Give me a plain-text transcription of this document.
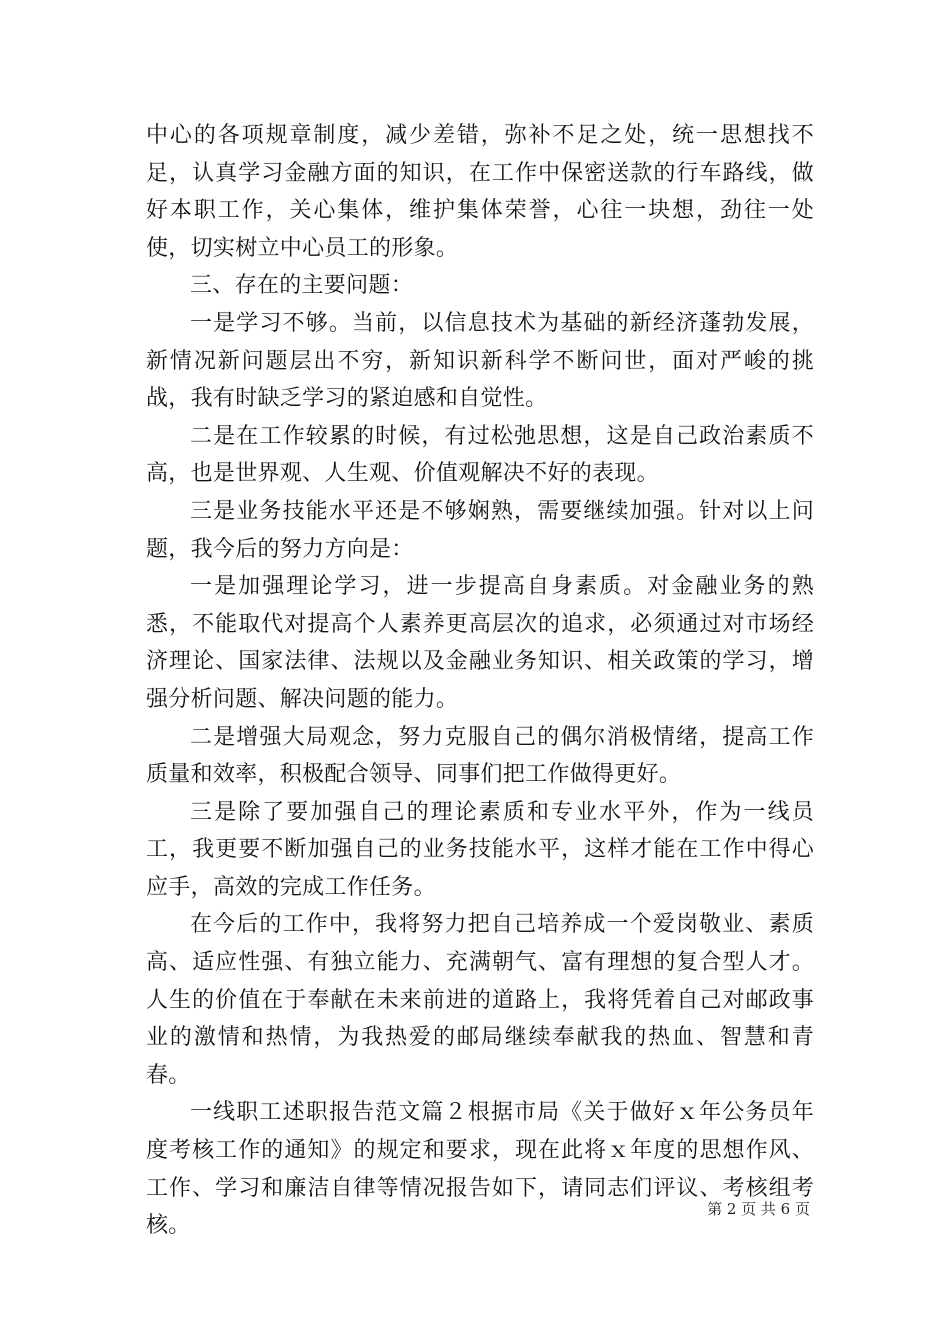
中心的各项规章制度，减少差错，弥补不足之处，统一思想找不足，认真学习金融方面的知识，在工作中保密送款的行车路线，做好本职工作，关心集体，维护集体荣誉，心往一块想，劲往一处使，切实树立中心员工的形象。

三、存在的主要问题：

一是学习不够。当前，以信息技术为基础的新经济蓬勃发展，新情况新问题层出不穷，新知识新科学不断问世，面对严峻的挑战，我有时缺乏学习的紧迫感和自觉性。

二是在工作较累的时候，有过松弛思想，这是自己政治素质不高，也是世界观、人生观、价值观解决不好的表现。

三是业务技能水平还是不够娴熟，需要继续加强。针对以上问题，我今后的努力方向是：

一是加强理论学习，进一步提高自身素质。对金融业务的熟悉，不能取代对提高个人素养更高层次的追求，必须通过对市场经济理论、国家法律、法规以及金融业务知识、相关政策的学习，增强分析问题、解决问题的能力。

二是增强大局观念，努力克服自己的偶尔消极情绪，提高工作质量和效率，积极配合领导、同事们把工作做得更好。

三是除了要加强自己的理论素质和专业水平外，作为一线员工，我更要不断加强自己的业务技能水平，这样才能在工作中得心应手，高效的完成工作任务。

在今后的工作中，我将努力把自己培养成一个爱岗敬业、素质高、适应性强、有独立能力、充满朝气、富有理想的复合型人才。人生的价值在于奉献在未来前进的道路上，我将凭着自己对邮政事业的激情和热情，为我热爱的邮局继续奉献我的热血、智慧和青春。

一线职工述职报告范文篇２根据市局《关于做好ｘ年公务员年度考核工作的通知》的规定和要求，现在此将ｘ年度的思想作风、工作、学习和廉洁自律等情况报告如下，请同志们评议、考核组考核。

第 2 页 共 6 页
